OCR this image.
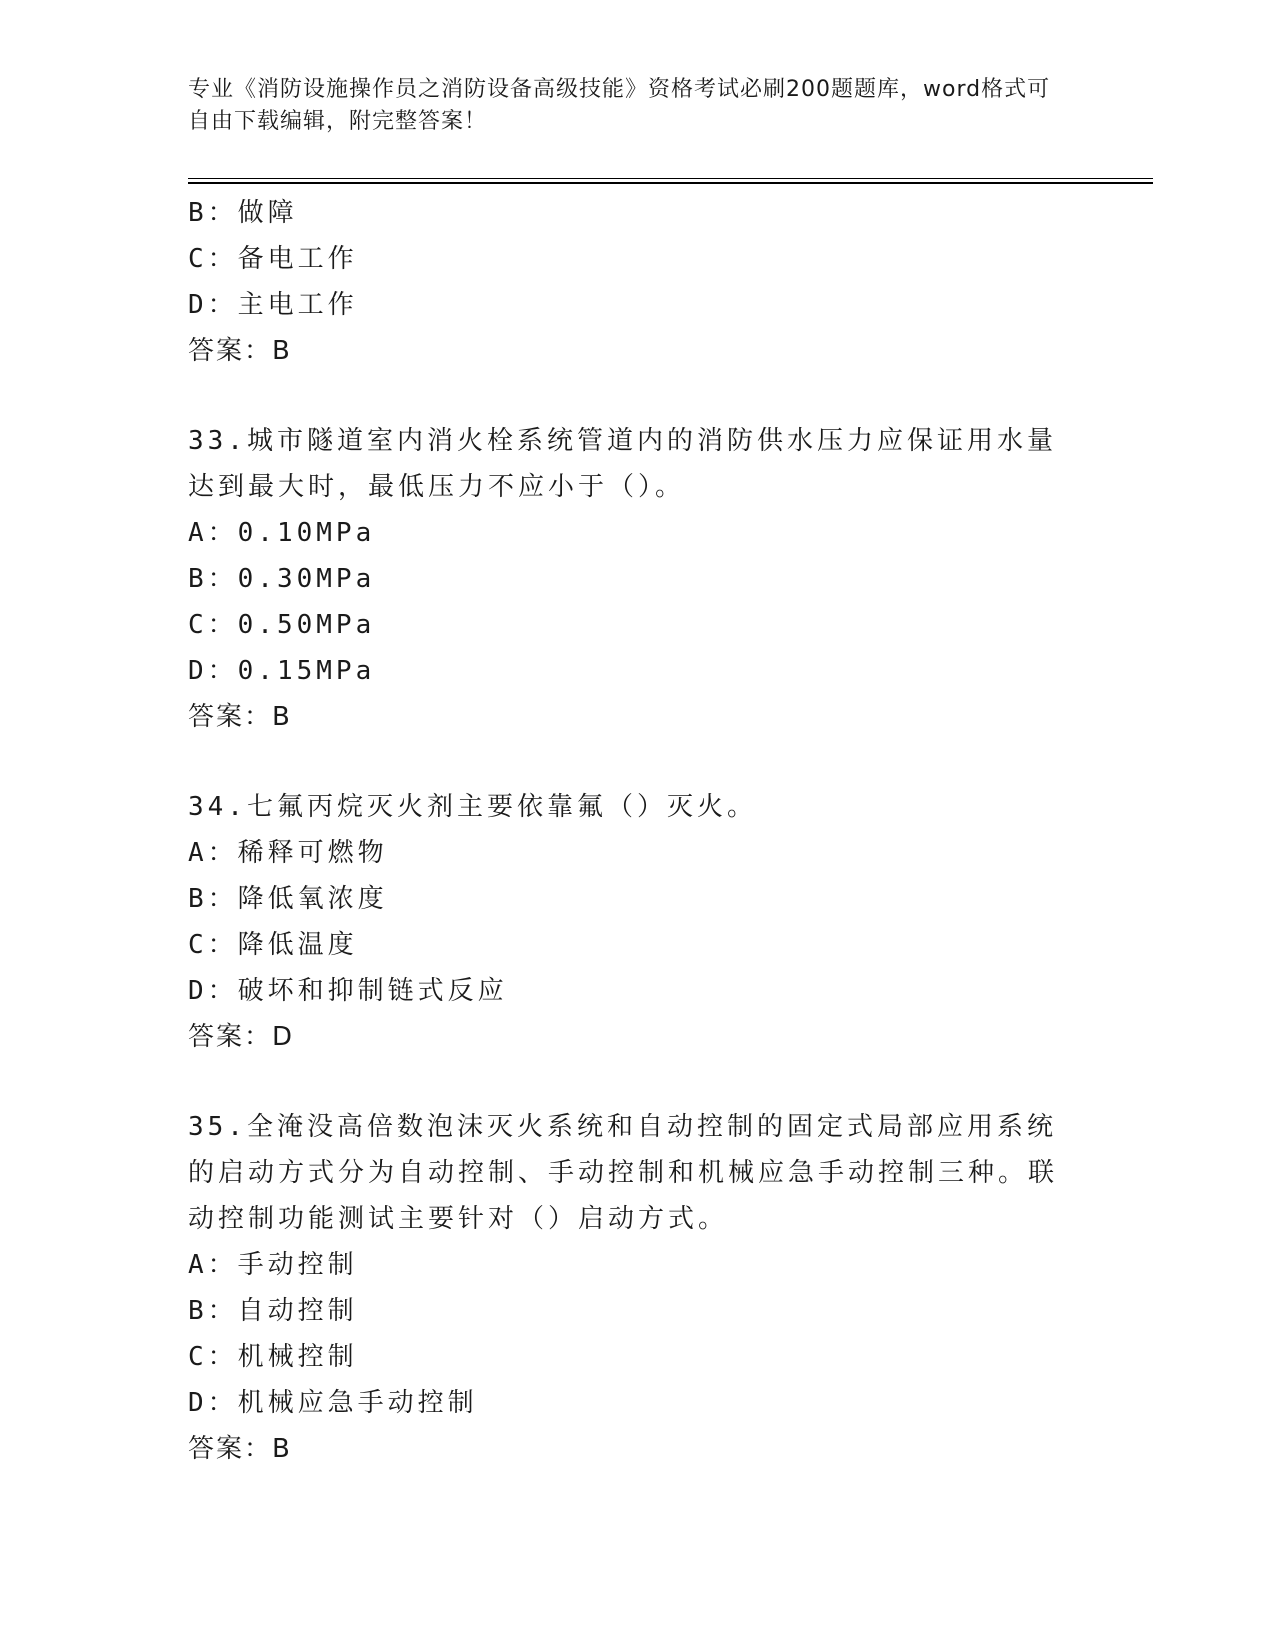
专业《消防设施操作员之消防设备高级技能》资格考试必刷200题题库，word格式可自由下载编辑，附完整答案！
B：做障
C：备电工作
D：主电工作
答案：B
33.城市隧道室内消火栓系统管道内的消防供水压力应保证用水量达到最大时，最低压力不应小于（）。
A：0.10MPa
B：0.30MPa
C：0.50MPa
D：0.15MPa
答案：B
34.七氟丙烷灭火剂主要依靠氟（）灭火。
A：稀释可燃物
B：降低氧浓度
C：降低温度
D：破坏和抑制链式反应
答案：D
35.全淹没高倍数泡沫灭火系统和自动控制的固定式局部应用系统的启动方式分为自动控制、手动控制和机械应急手动控制三种。联动控制功能测试主要针对（）启动方式。
A：手动控制
B：自动控制
C：机械控制
D：机械应急手动控制
答案：B
